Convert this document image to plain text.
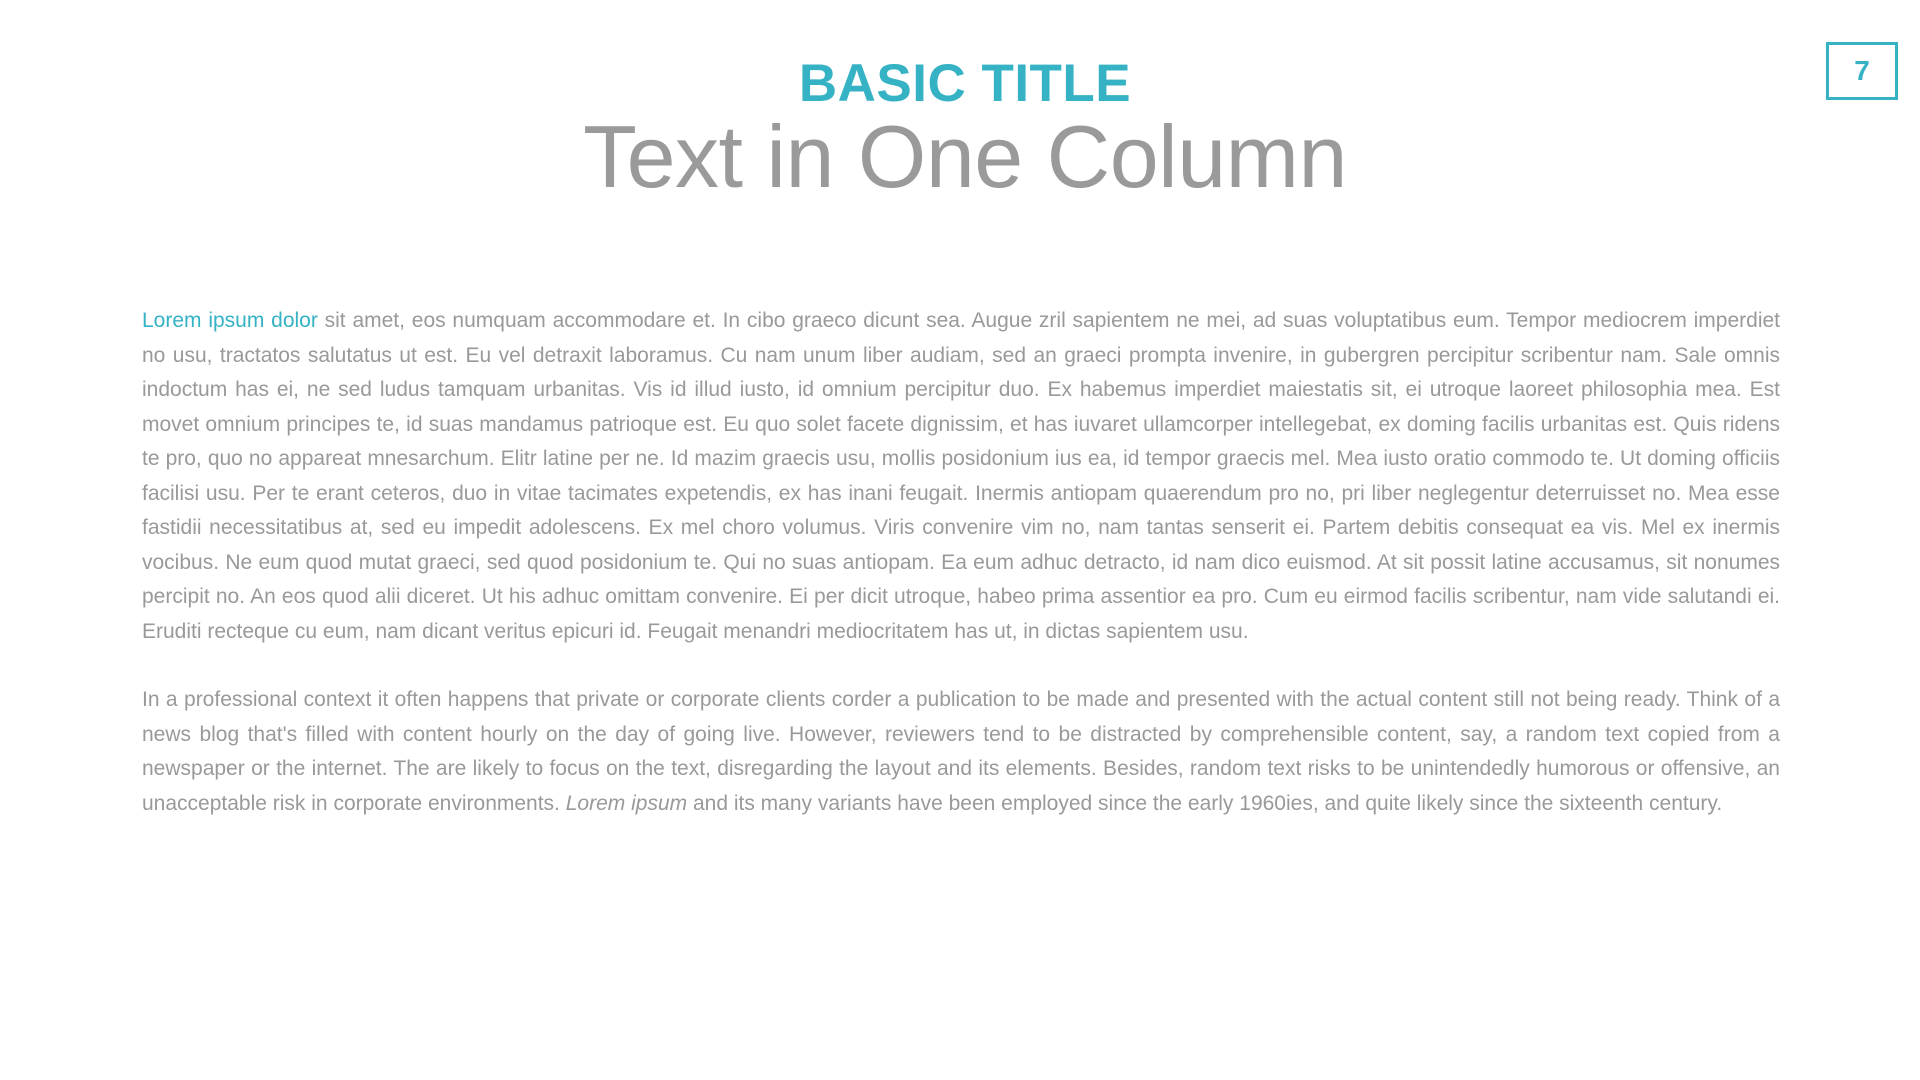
7
BASIC TITLE
Text in One Column

Lorem ipsum dolor sit amet, eos numquam accommodare et. In cibo graeco dicunt sea. Augue zril sapientem ne mei, ad suas voluptatibus eum. Tempor mediocrem imperdiet no usu, tractatos salutatus ut est. Eu vel detraxit laboramus. Cu nam unum liber audiam, sed an graeci prompta invenire, in gubergren percipitur scribentur nam. Sale omnis indoctum has ei, ne sed ludus tamquam urbanitas. Vis id illud iusto, id omnium percipitur duo. Ex habemus imperdiet maiestatis sit, ei utroque laoreet philosophia mea. Est movet omnium principes te, id suas mandamus patrioque est. Eu quo solet facete dignissim, et has iuvaret ullamcorper intellegebat, ex doming facilis urbanitas est. Quis ridens te pro, quo no appareat mnesarchum. Elitr latine per ne. Id mazim graecis usu, mollis posidonium ius ea, id tempor graecis mel. Mea iusto oratio commodo te. Ut doming officiis facilisi usu. Per te erant ceteros, duo in vitae tacimates expetendis, ex has inani feugait. Inermis antiopam quaerendum pro no, pri liber neglegentur deterruisset no. Mea esse fastidii necessitatibus at, sed eu impedit adolescens. Ex mel choro volumus. Viris convenire vim no, nam tantas senserit ei. Partem debitis consequat ea vis. Mel ex inermis vocibus. Ne eum quod mutat graeci, sed quod posidonium te. Qui no suas antiopam. Ea eum adhuc detracto, id nam dico euismod. At sit possit latine accusamus, sit nonumes percipit no. An eos quod alii diceret. Ut his adhuc omittam convenire. Ei per dicit utroque, habeo prima assentior ea pro. Cum eu eirmod facilis scribentur, nam vide salutandi ei. Eruditi recteque cu eum, nam dicant veritus epicuri id. Feugait menandri mediocritatem has ut, in dictas sapientem usu.

In a professional context it often happens that private or corporate clients corder a publication to be made and presented with the actual content still not being ready. Think of a news blog that's filled with content hourly on the day of going live. However, reviewers tend to be distracted by comprehensible content, say, a random text copied from a newspaper or the internet. The are likely to focus on the text, disregarding the layout and its elements. Besides, random text risks to be unintendedly humorous or offensive, an unacceptable risk in corporate environments. Lorem ipsum and its many variants have been employed since the early 1960ies, and quite likely since the sixteenth century.
